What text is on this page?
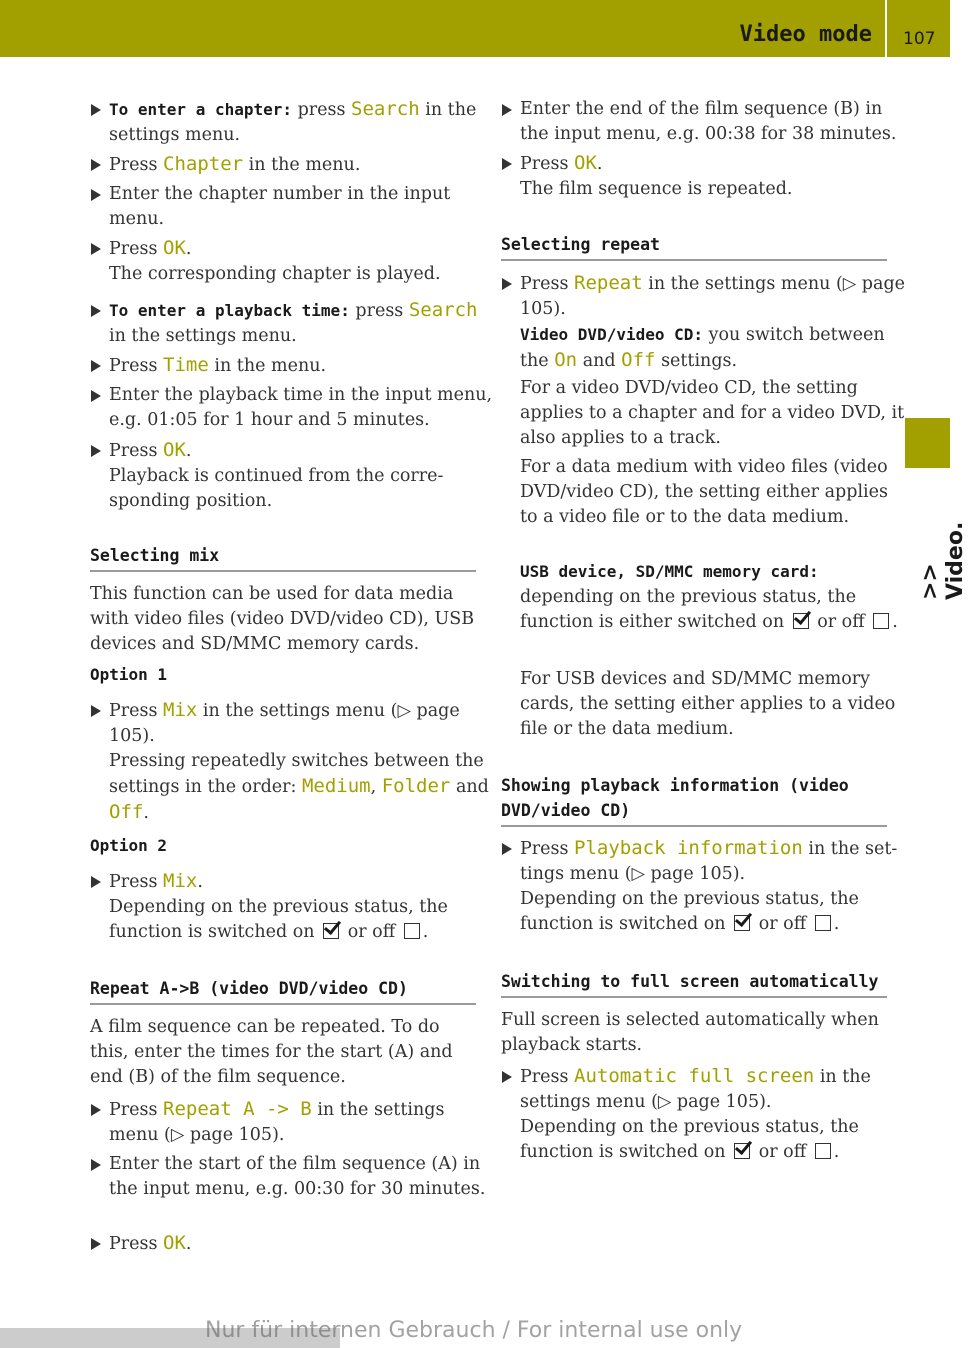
Video mode 107
>> Video.
To enter a chapter: press Search in the settings menu.
Press Chapter in the menu.
Enter the chapter number in the input menu.
Press OK.
The corresponding chapter is played.
To enter a playback time: press Search in the settings menu.
Press Time in the menu.
Enter the playback time in the input menu, e.g. 01:05 for 1 hour and 5 minutes.
Press OK.
Playback is continued from the corre-sponding position.
Selecting mix
This function can be used for data media with video files (video DVD/video CD), USB devices and SD/MMC memory cards.
Option 1
Press Mix in the settings menu (▷ page 105).
Pressing repeatedly switches between the settings in the order: Medium, Folder and Off.
Option 2
Press Mix.
Depending on the previous status, the function is switched on  or off .
Repeat A->B (video DVD/video CD)
A film sequence can be repeated. To do this, enter the times for the start (A) and end (B) of the film sequence.
Press Repeat A -> B in the settings menu (▷ page 105).
Enter the start of the film sequence (A) in the input menu, e.g. 00:30 for 30 minutes.
Press OK.
Enter the end of the film sequence (B) in the input menu, e.g. 00:38 for 38 minutes.
Press OK.
The film sequence is repeated.
Selecting repeat
Press Repeat in the settings menu (▷ page 105).
Video DVD/video CD: you switch between the On and Off settings.
For a video DVD/video CD, the setting applies to a chapter and for a video DVD, it also applies to a track.
For a data medium with video files (video DVD/video CD), the setting either applies to a video file or to the data medium.
USB device, SD/MMC memory card:
depending on the previous status, the function is either switched on  or off .
For USB devices and SD/MMC memory cards, the setting either applies to a video file or the data medium.
Showing playback information (video DVD/video CD)
Press Playback information in the set-tings menu (▷ page 105).
Depending on the previous status, the function is switched on  or off .
Switching to full screen automatically
Full screen is selected automatically when playback starts.
Press Automatic full screen in the settings menu (▷ page 105).
Depending on the previous status, the function is switched on  or off .
Nur für internen Gebrauch / For internal use only
